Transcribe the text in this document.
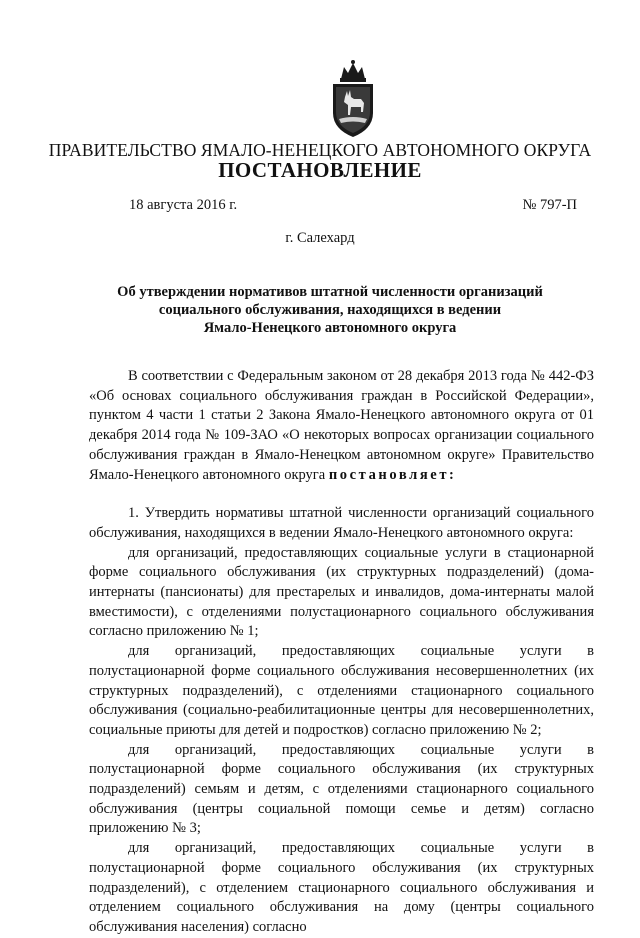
ПРАВИТЕЛЬСТВО ЯМАЛО-НЕНЕЦКОГО АВТОНОМНОГО ОКРУГА
ПОСТАНОВЛЕНИЕ
18 августа 2016 г.	№ 797-П
г. Салехард
Об утверждении нормативов штатной численности организаций
социального обслуживания, находящихся в ведении
Ямало-Ненецкого автономного округа

В соответствии с Федеральным законом от 28 декабря 2013 года № 442-ФЗ «Об основах социального обслуживания граждан в Российской Федерации», пунктом 4 части 1 статьи 2 Закона Ямало-Ненецкого автономного округа от 01 декабря 2014 года № 109-ЗАО «О некоторых вопросах организации социального обслуживания граждан в Ямало-Ненецком автономном округе» Правительство Ямало-Ненецкого автономного округа постановляет:

1. Утвердить нормативы штатной численности организаций социального обслуживания, находящихся в ведении Ямало-Ненецкого автономного округа:

для организаций, предоставляющих социальные услуги в стационарной форме социального обслуживания (их структурных подразделений) (дома-интернаты (пансионаты) для престарелых и инвалидов, дома-интернаты малой вместимости), с отделениями полустационарного социального обслуживания согласно приложению № 1;

для организаций, предоставляющих социальные услуги в полустационарной форме социального обслуживания несовершеннолетних (их структурных подразделений), с отделениями стационарного социального обслуживания (социально-реабилитационные центры для несовершеннолетних, социальные приюты для детей и подростков) согласно приложению № 2;

для организаций, предоставляющих социальные услуги в полустационарной форме социального обслуживания (их структурных подразделений) семьям и детям, с отделениями стационарного социального обслуживания (центры социальной помощи семье и детям) согласно приложению № 3;

для организаций, предоставляющих социальные услуги в полустационарной форме социального обслуживания (их структурных подразделений), с отделением стационарного социального обслуживания и отделением социального обслуживания на дому (центры социального обслуживания населения) согласно
